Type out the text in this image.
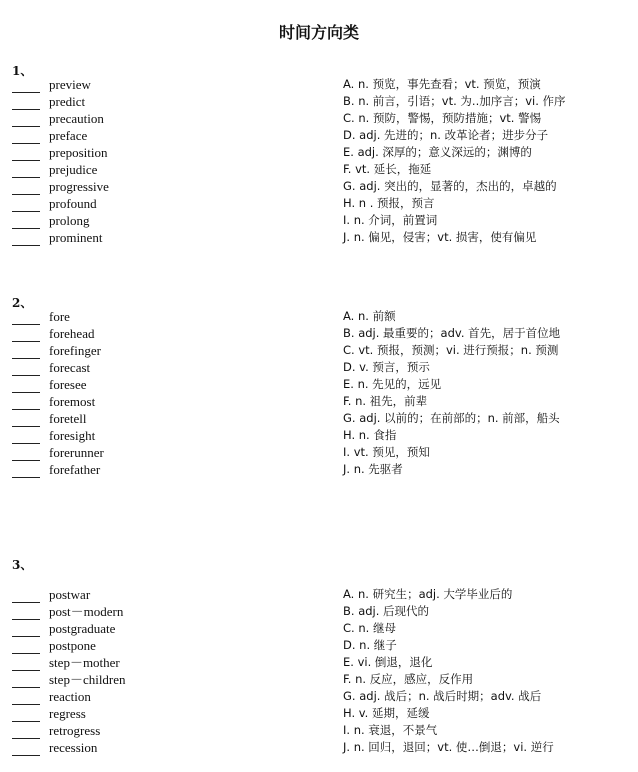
时间方向类
1、
preview
predict
precaution
preface
preposition
prejudice
progressive
profound
prolong
prominent
A. n. 预览，事先查看；vt. 预览，预演
B. n. 前言，引语；vt. 为..加序言；vi. 作序
C. n. 预防，警惕，预防措施；vt. 警惕
D. adj. 先进的；n. 改革论者；进步分子
E. adj. 深厚的；意义深远的；渊博的
F. vt. 延长，拖延
G. adj. 突出的，显著的，杰出的，卓越的
H. n . 预报，预言
I. n. 介词，前置词
J. n. 偏见，侵害；vt. 损害，使有偏见
2、
fore
forehead
forefinger
forecast
foresee
foremost
foretell
foresight
forerunner
forefather
A. n. 前额
B. adj. 最重要的；adv. 首先，居于首位地
C. vt. 预报，预测；vi. 进行预报；n. 预测
D. v. 预言，预示
E. n. 先见的，远见
F. n. 祖先，前辈
G. adj. 以前的；在前部的；n. 前部，船头
H. n. 食指
I. vt. 预见，预知
J. n. 先驱者
3、
postwar
post－modern
postgraduate
postpone
step－mother
step－children
reaction
regress
retrogress
recession
A. n. 研究生；adj. 大学毕业后的
B. adj. 后现代的
C. n. 继母
D. n. 继子
E. vi. 倒退，退化
F. n. 反应，感应，反作用
G. adj. 战后；n. 战后时期；adv. 战后
H. v. 延期，延缓
I. n. 衰退，不景气
J. n. 回归，退回；vt. 使…倒退；vi. 逆行
